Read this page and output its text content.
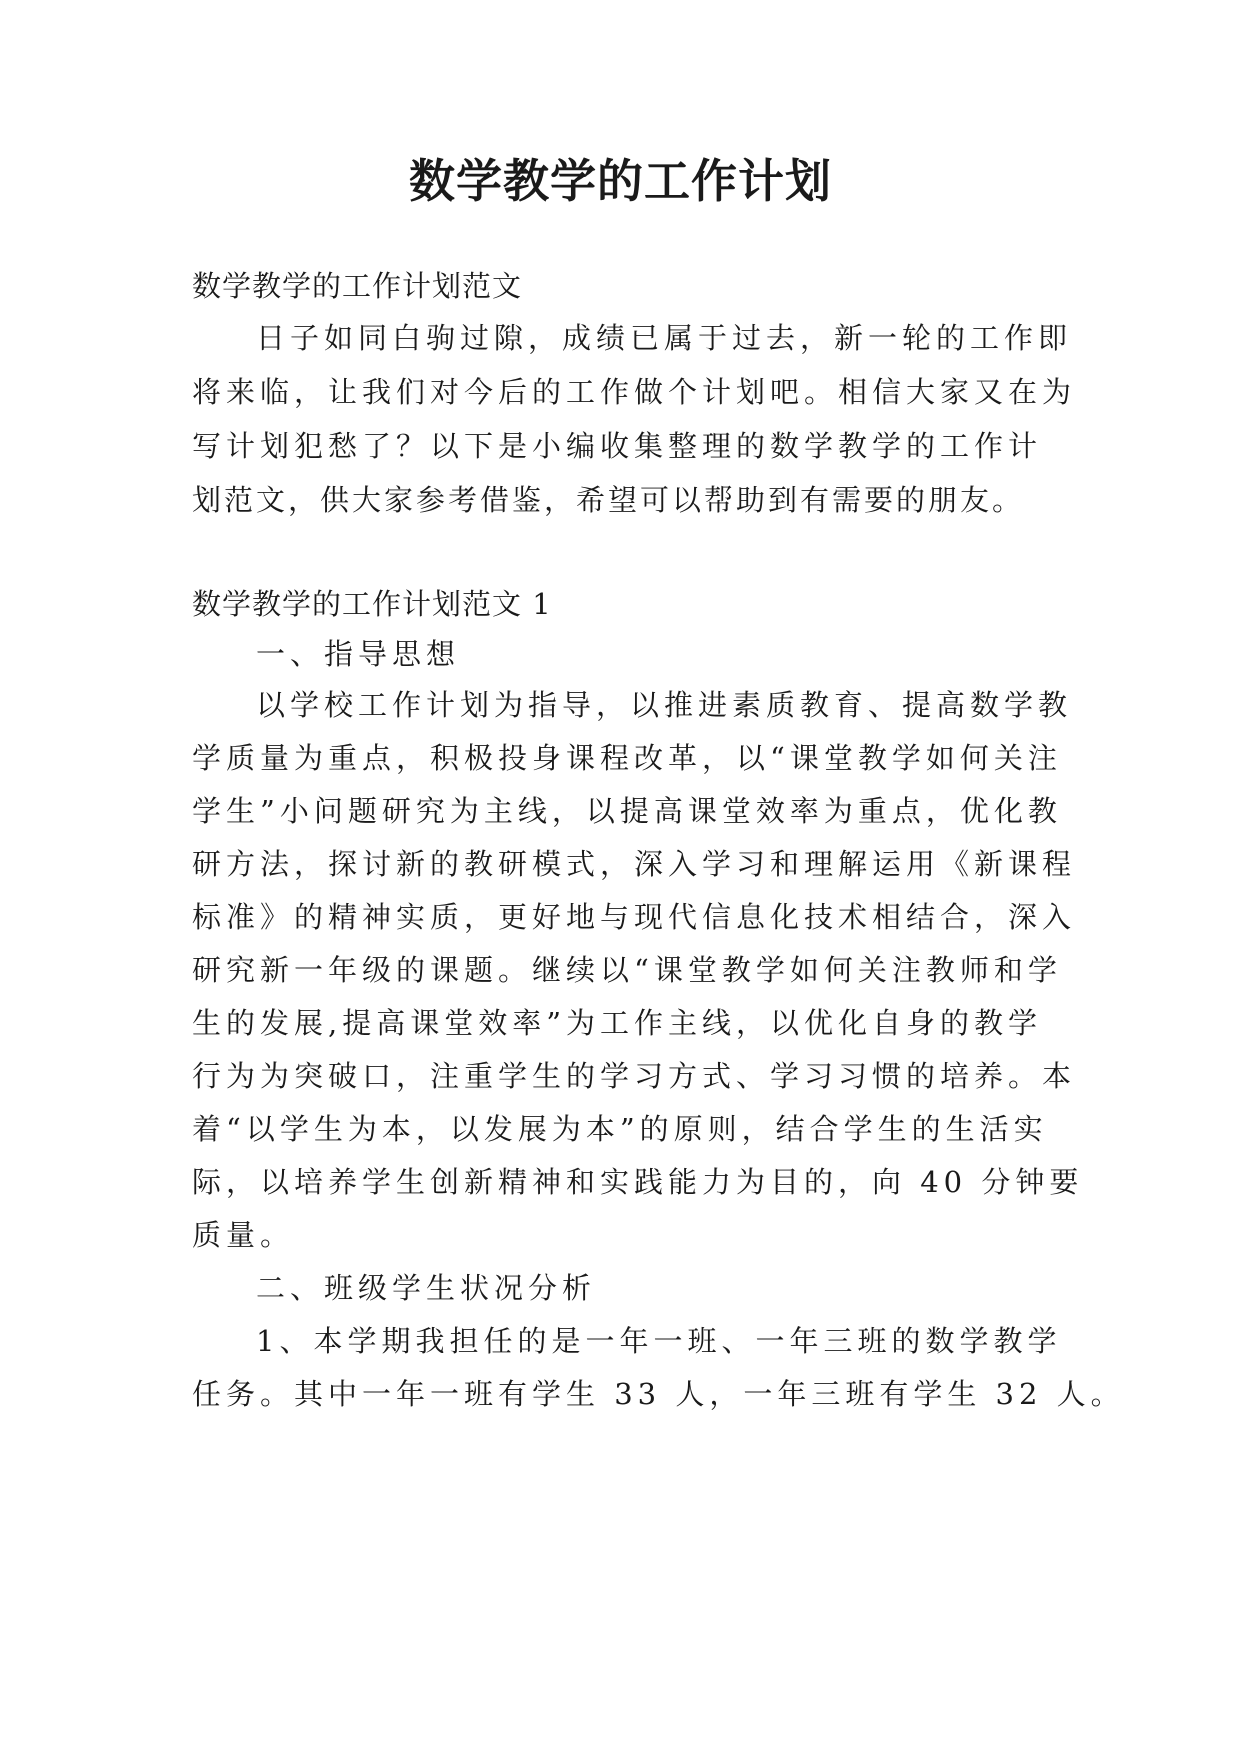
数学教学的工作计划
数学教学的工作计划范文
日子如同白驹过隙，成绩已属于过去，新一轮的工作即
将来临，让我们对今后的工作做个计划吧。相信大家又在为
写计划犯愁了？以下是小编收集整理的数学教学的工作计
划范文，供大家参考借鉴，希望可以帮助到有需要的朋友。
数学教学的工作计划范文 1
一、指导思想
以学校工作计划为指导，以推进素质教育、提高数学教
学质量为重点，积极投身课程改革，以“课堂教学如何关注
学生”小问题研究为主线，以提高课堂效率为重点，优化教
研方法，探讨新的教研模式，深入学习和理解运用《新课程
标准》的精神实质，更好地与现代信息化技术相结合，深入
研究新一年级的课题。继续以“课堂教学如何关注教师和学
生的发展,提高课堂效率”为工作主线，以优化自身的教学
行为为突破口，注重学生的学习方式、学习习惯的培养。本
着“以学生为本，以发展为本”的原则，结合学生的生活实
际，以培养学生创新精神和实践能力为目的，向 40 分钟要
质量。
二、班级学生状况分析
1、本学期我担任的是一年一班、一年三班的数学教学
任务。其中一年一班有学生 33 人，一年三班有学生 32 人。
